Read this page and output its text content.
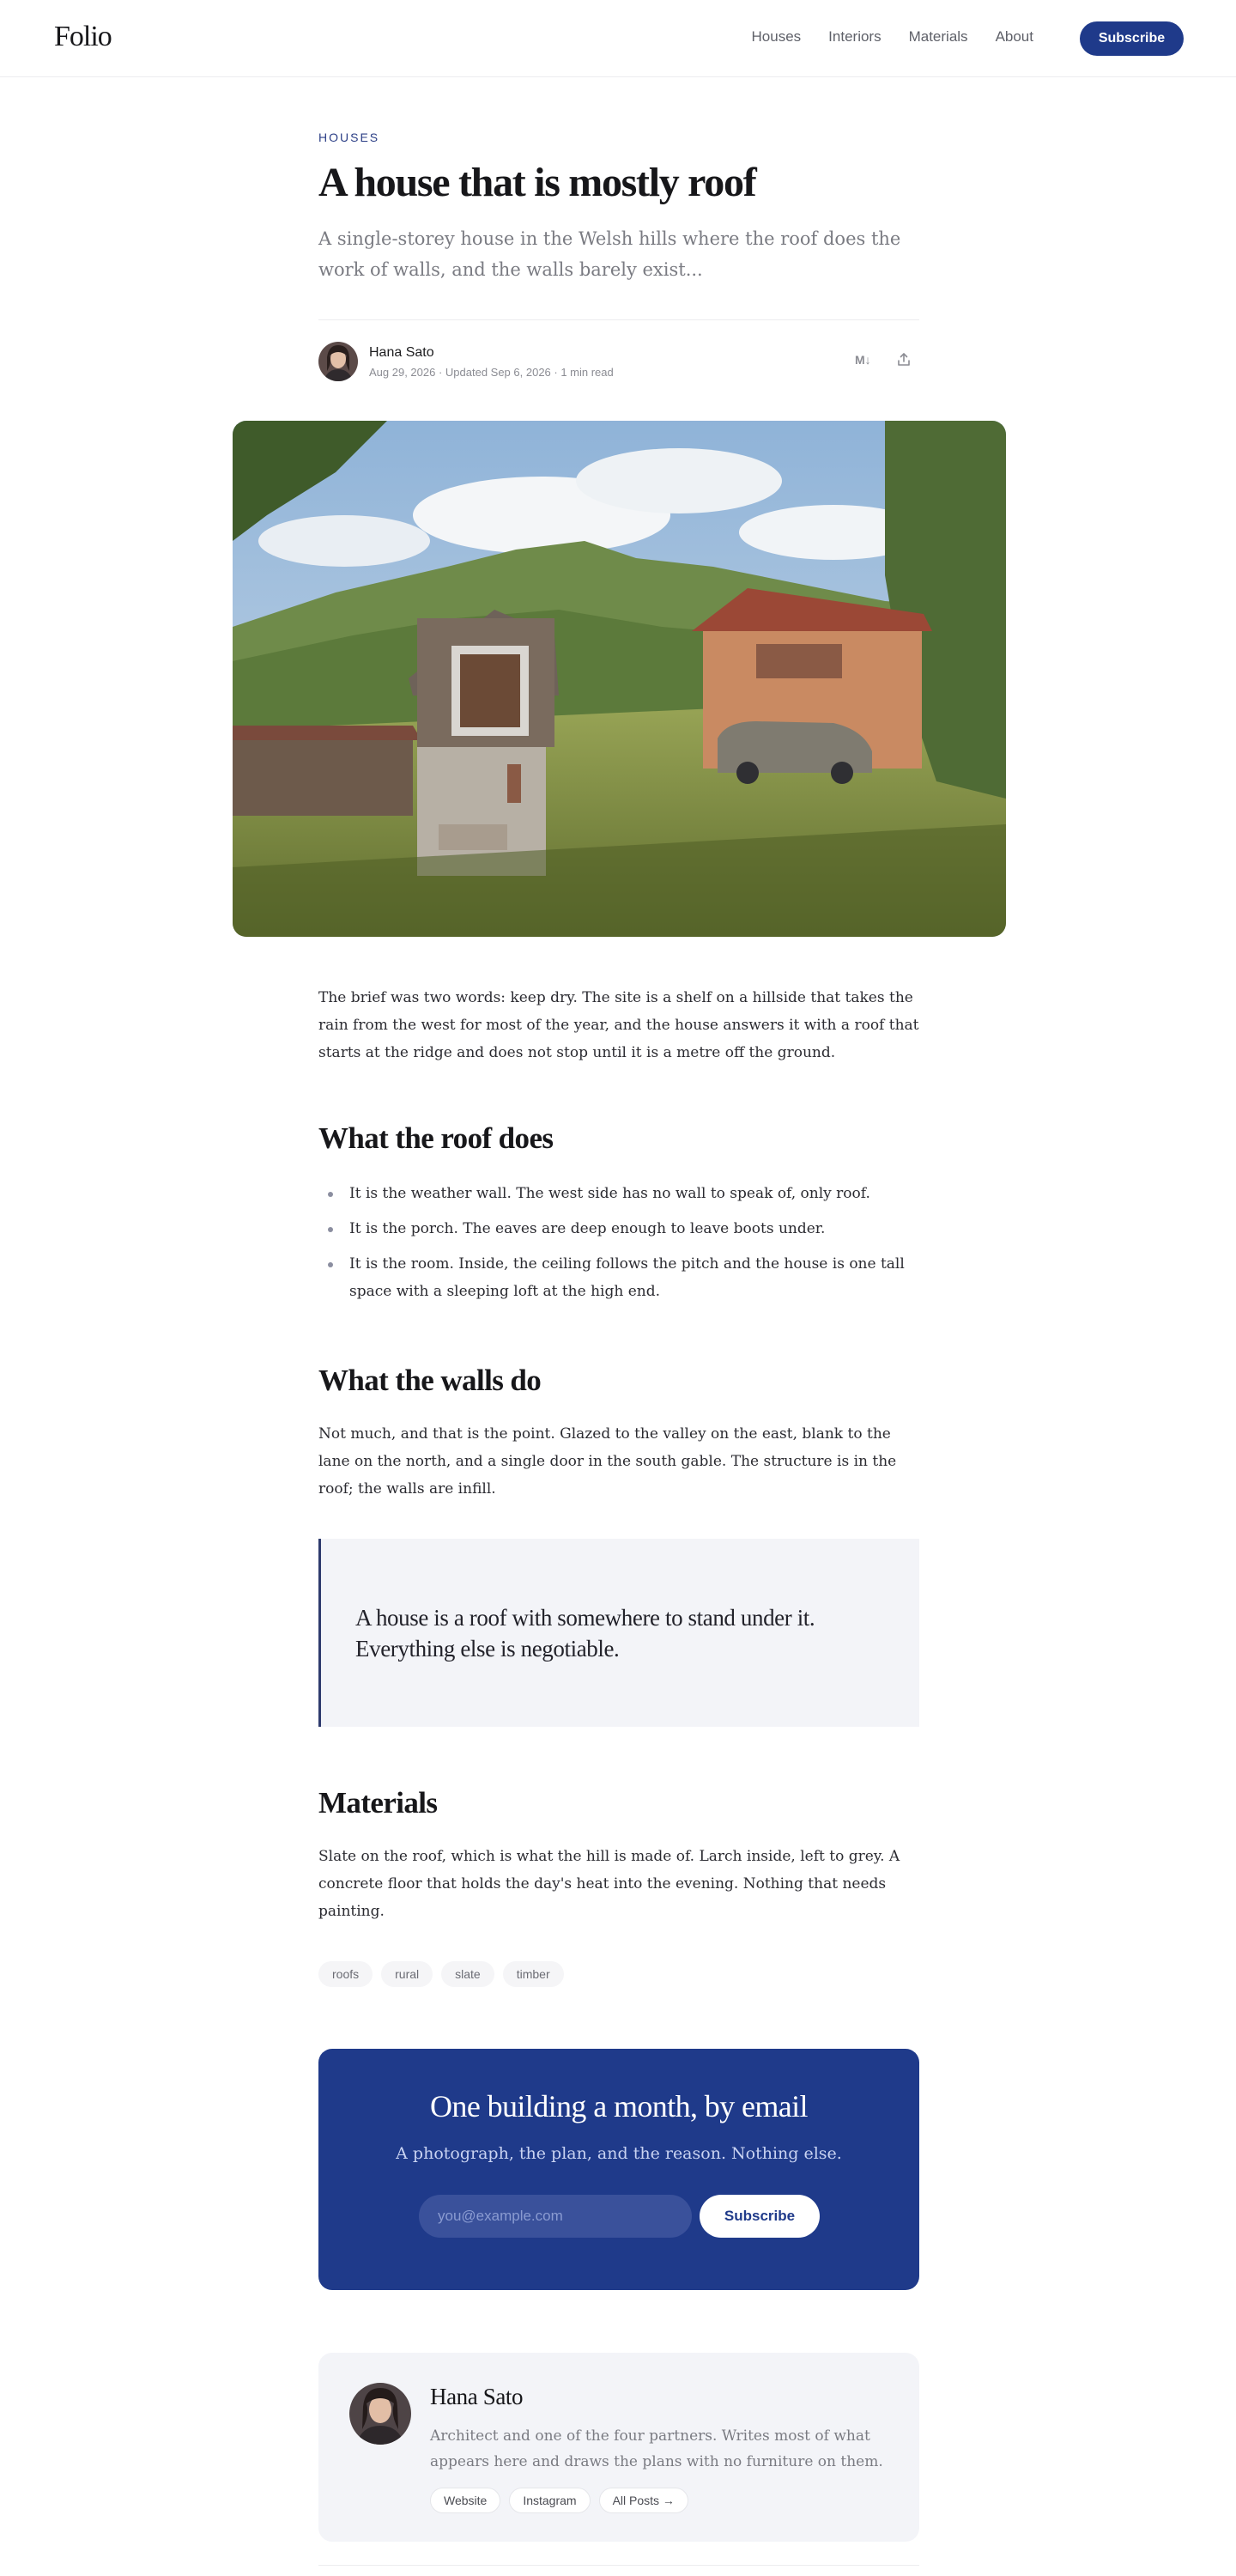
Folio	Houses Interiors Materials About	Subscribe
HOUSES
A house that is mostly roof

A single-storey house in the Welsh hills where the roof does the work of walls, and the walls barely exist...

Hana Sato
Aug 29, 2026 · Updated Sep 6, 2026 · 1 min read
M↓

The brief was two words: keep dry. The site is a shelf on a hillside that takes the rain from the west for most of the year, and the house answers it with a roof that starts at the ridge and does not stop until it is a metre off the ground.

What the roof does
It is the weather wall. The west side has no wall to speak of, only roof.
It is the porch. The eaves are deep enough to leave boots under.
It is the room. Inside, the ceiling follows the pitch and the house is one tall space with a sleeping loft at the high end.
What the walls do

Not much, and that is the point. Glazed to the valley on the east, blank to the lane on the north, and a single door in the south gable. The structure is in the roof; the walls are infill.

A house is a roof with somewhere to stand under it. Everything else is negotiable.
Materials

Slate on the roof, which is what the hill is made of. Larch inside, left to grey. A concrete floor that holds the day's heat into the evening. Nothing that needs painting.

roofs	rural	slate	timber
One building a month, by email
A photograph, the plan, and the reason. Nothing else.
you@example.com
Subscribe
Hana Sato

Architect and one of the four partners. Writes most of what appears here and draws the plans with no furniture on them.

Website	Instagram	All Posts →
